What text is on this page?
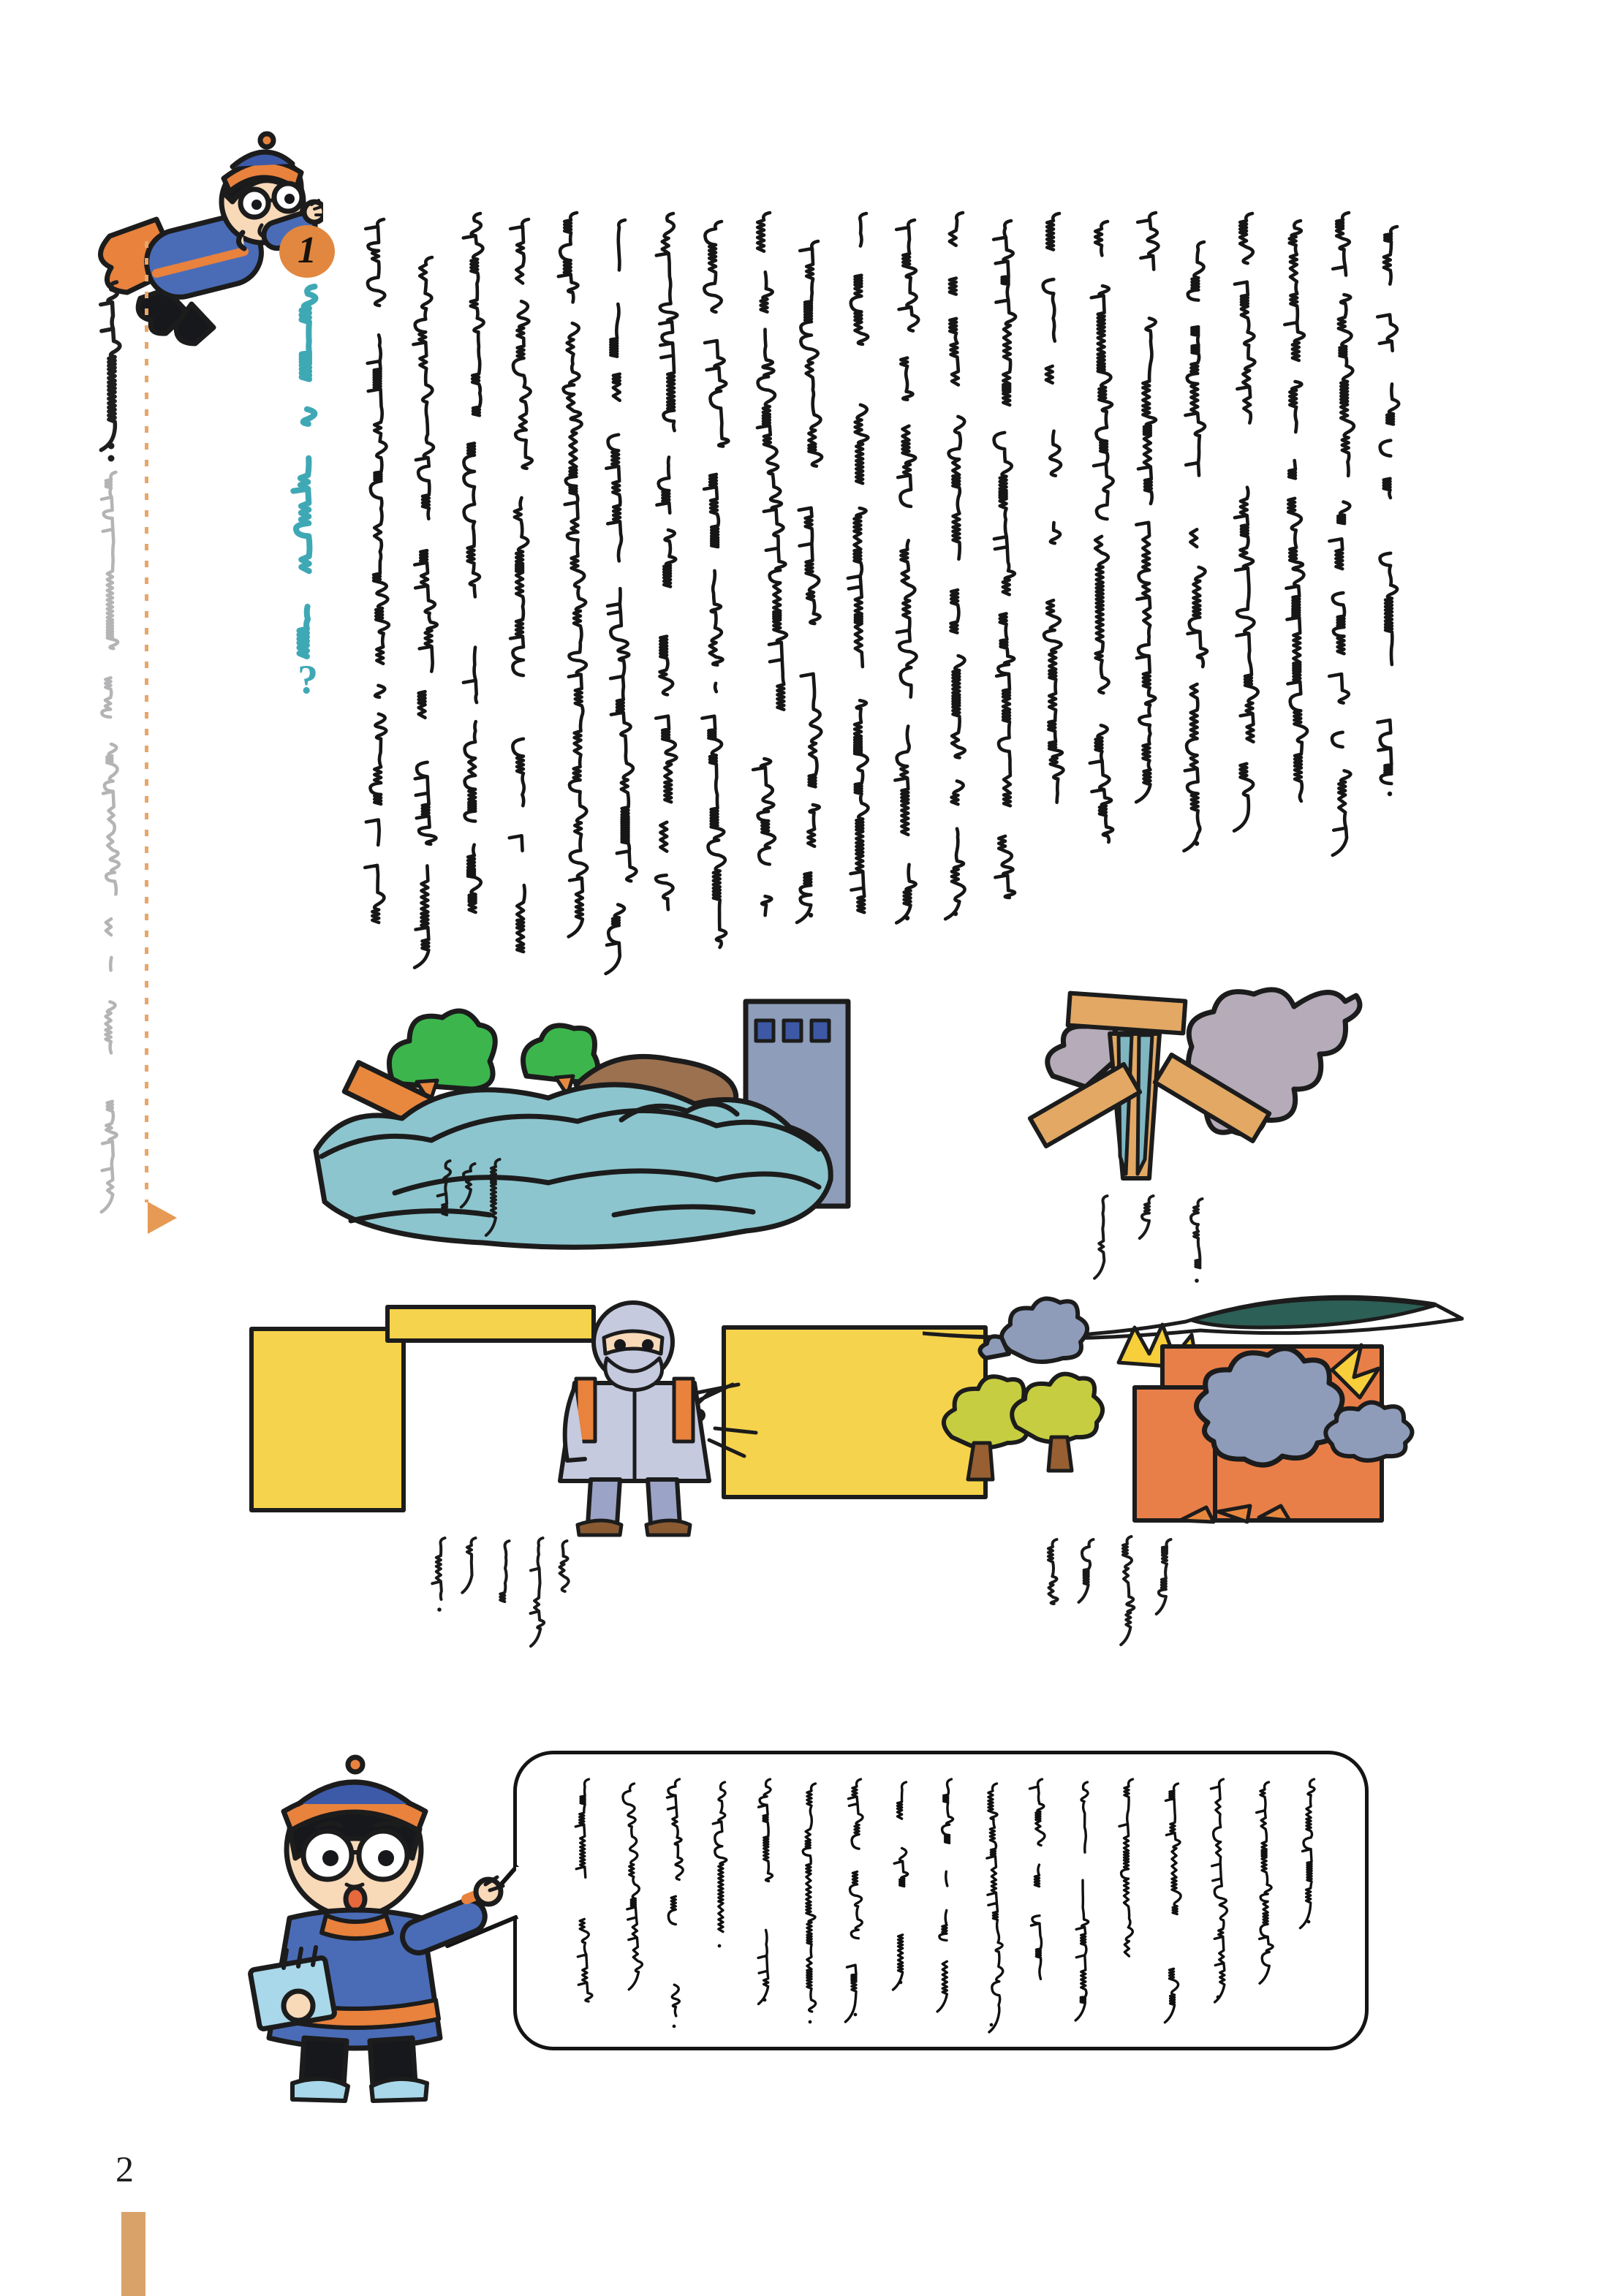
1
2
?
